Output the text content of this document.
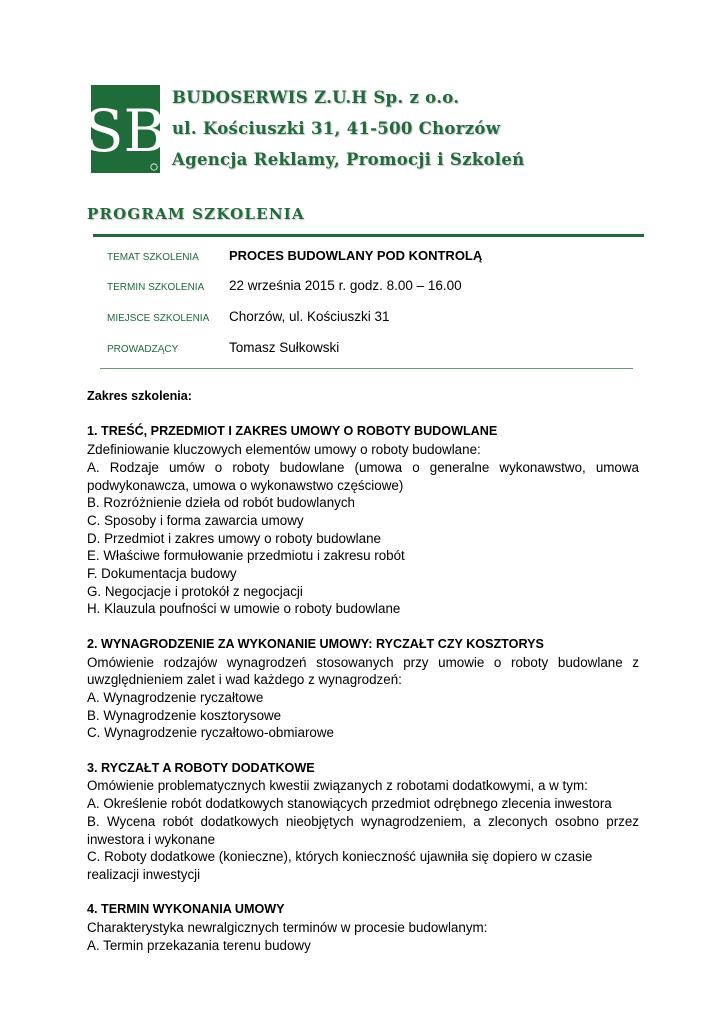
SB BUDOSERWIS Z.U.H Sp. z o.o.
ul. Kościuszki 31, 41-500 Chorzów
Agencja Reklamy, Promocji i Szkoleń
PROGRAM SZKOLENIA
TEMAT SZKOLENIA PROCES BUDOWLANY POD KONTROLĄ
TERMIN SZKOLENIA 22 września 2015 r. godz. 8.00 – 16.00
MIEJSCE SZKOLENIA Chorzów, ul. Kościuszki 31
PROWADZĄCY	Tomasz Sułkowski

Zakres szkolenia:

1. TREŚĆ, PRZEDMIOT I ZAKRES UMOWY O ROBOTY BUDOWLANE

Zdefiniowanie kluczowych elementów umowy o roboty budowlane:

A. Rodzaje umów o roboty budowlane (umowa o generalne wykonawstwo, umowa podwykonawcza, umowa o wykonawstwo częściowe)

B. Rozróżnienie dzieła od robót budowlanych

C. Sposoby i forma zawarcia umowy

D. Przedmiot i zakres umowy o roboty budowlane

E. Właściwe formułowanie przedmiotu i zakresu robót

F. Dokumentacja budowy

G. Negocjacje i protokół z negocjacji

H. Klauzula poufności w umowie o roboty budowlane

2. WYNAGRODZENIE ZA WYKONANIE UMOWY: RYCZAŁT CZY KOSZTORYS

Omówienie rodzajów wynagrodzeń stosowanych przy umowie o roboty budowlane z uwzględnieniem zalet i wad każdego z wynagrodzeń:

A. Wynagrodzenie ryczałtowe

B. Wynagrodzenie kosztorysowe

C. Wynagrodzenie ryczałtowo-obmiarowe

3. RYCZAŁT A ROBOTY DODATKOWE

Omówienie problematycznych kwestii związanych z robotami dodatkowymi, a w tym:

A. Określenie robót dodatkowych stanowiących przedmiot odrębnego zlecenia inwestora

B. Wycena robót dodatkowych nieobjętych wynagrodzeniem, a zleconych osobno przez inwestora i wykonane

C. Roboty dodatkowe (konieczne), których konieczność ujawniła się dopiero w czasie realizacji inwestycji

4. TERMIN WYKONANIA UMOWY

Charakterystyka newralgicznych terminów w procesie budowlanym:

A. Termin przekazania terenu budowy
